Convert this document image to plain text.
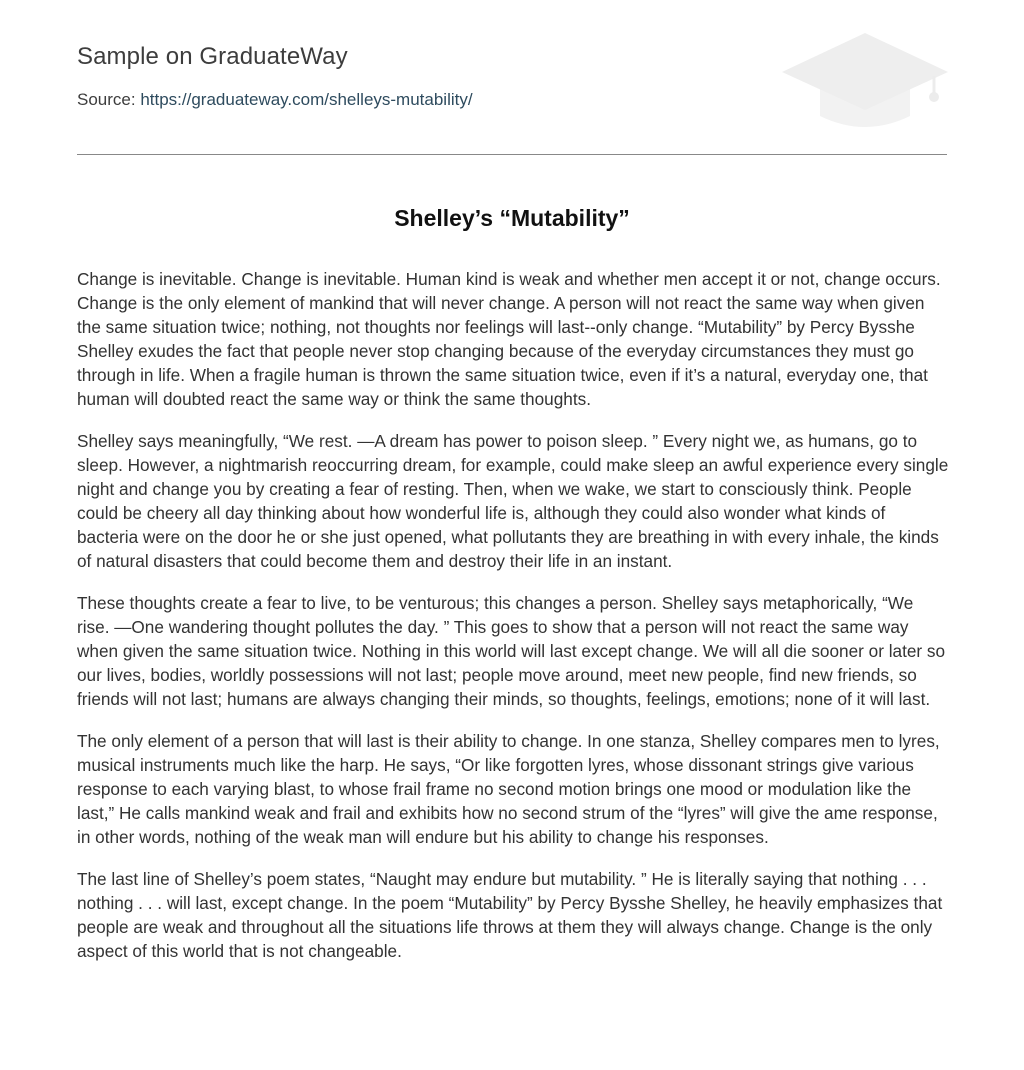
Sample on GraduateWay
Source: https://graduateway.com/shelleys-mutability/
Shelley’s “Mutability”

Change is inevitable. Change is inevitable. Human kind is weak and whether men accept it or not, change occurs. Change is the only element of mankind that will never change. A person will not react the same way when given the same situation twice; nothing, not thoughts nor feelings will last--only change. “Mutability” by Percy Bysshe Shelley exudes the fact that people never stop changing because of the everyday circumstances they must go through in life. When a fragile human is thrown the same situation twice, even if it’s a natural, everyday one, that human will doubted react the same way or think the same thoughts.

Shelley says meaningfully, “We rest. —A dream has power to poison sleep. ” Every night we, as humans, go to sleep. However, a nightmarish reoccurring dream, for example, could make sleep an awful experience every single night and change you by creating a fear of resting. Then, when we wake, we start to consciously think. People could be cheery all day thinking about how wonderful life is, although they could also wonder what kinds of bacteria were on the door he or she just opened, what pollutants they are breathing in with every inhale, the kinds of natural disasters that could become them and destroy their life in an instant.

These thoughts create a fear to live, to be venturous; this changes a person. Shelley says metaphorically, “We rise. —One wandering thought pollutes the day. ” This goes to show that a person will not react the same way when given the same situation twice. Nothing in this world will last except change. We will all die sooner or later so our lives, bodies, worldly possessions will not last; people move around, meet new people, find new friends, so friends will not last; humans are always changing their minds, so thoughts, feelings, emotions; none of it will last.

The only element of a person that will last is their ability to change. In one stanza, Shelley compares men to lyres, musical instruments much like the harp. He says, “Or like forgotten lyres, whose dissonant strings give various response to each varying blast, to whose frail frame no second motion brings one mood or modulation like the last,” He calls mankind weak and frail and exhibits how no second strum of the “lyres” will give the ame response, in other words, nothing of the weak man will endure but his ability to change his responses.

The last line of Shelley’s poem states, “Naught may endure but mutability. ” He is literally saying that nothing . . . nothing . . . will last, except change. In the poem “Mutability” by Percy Bysshe Shelley, he heavily emphasizes that people are weak and throughout all the situations life throws at them they will always change. Change is the only aspect of this world that is not changeable.
